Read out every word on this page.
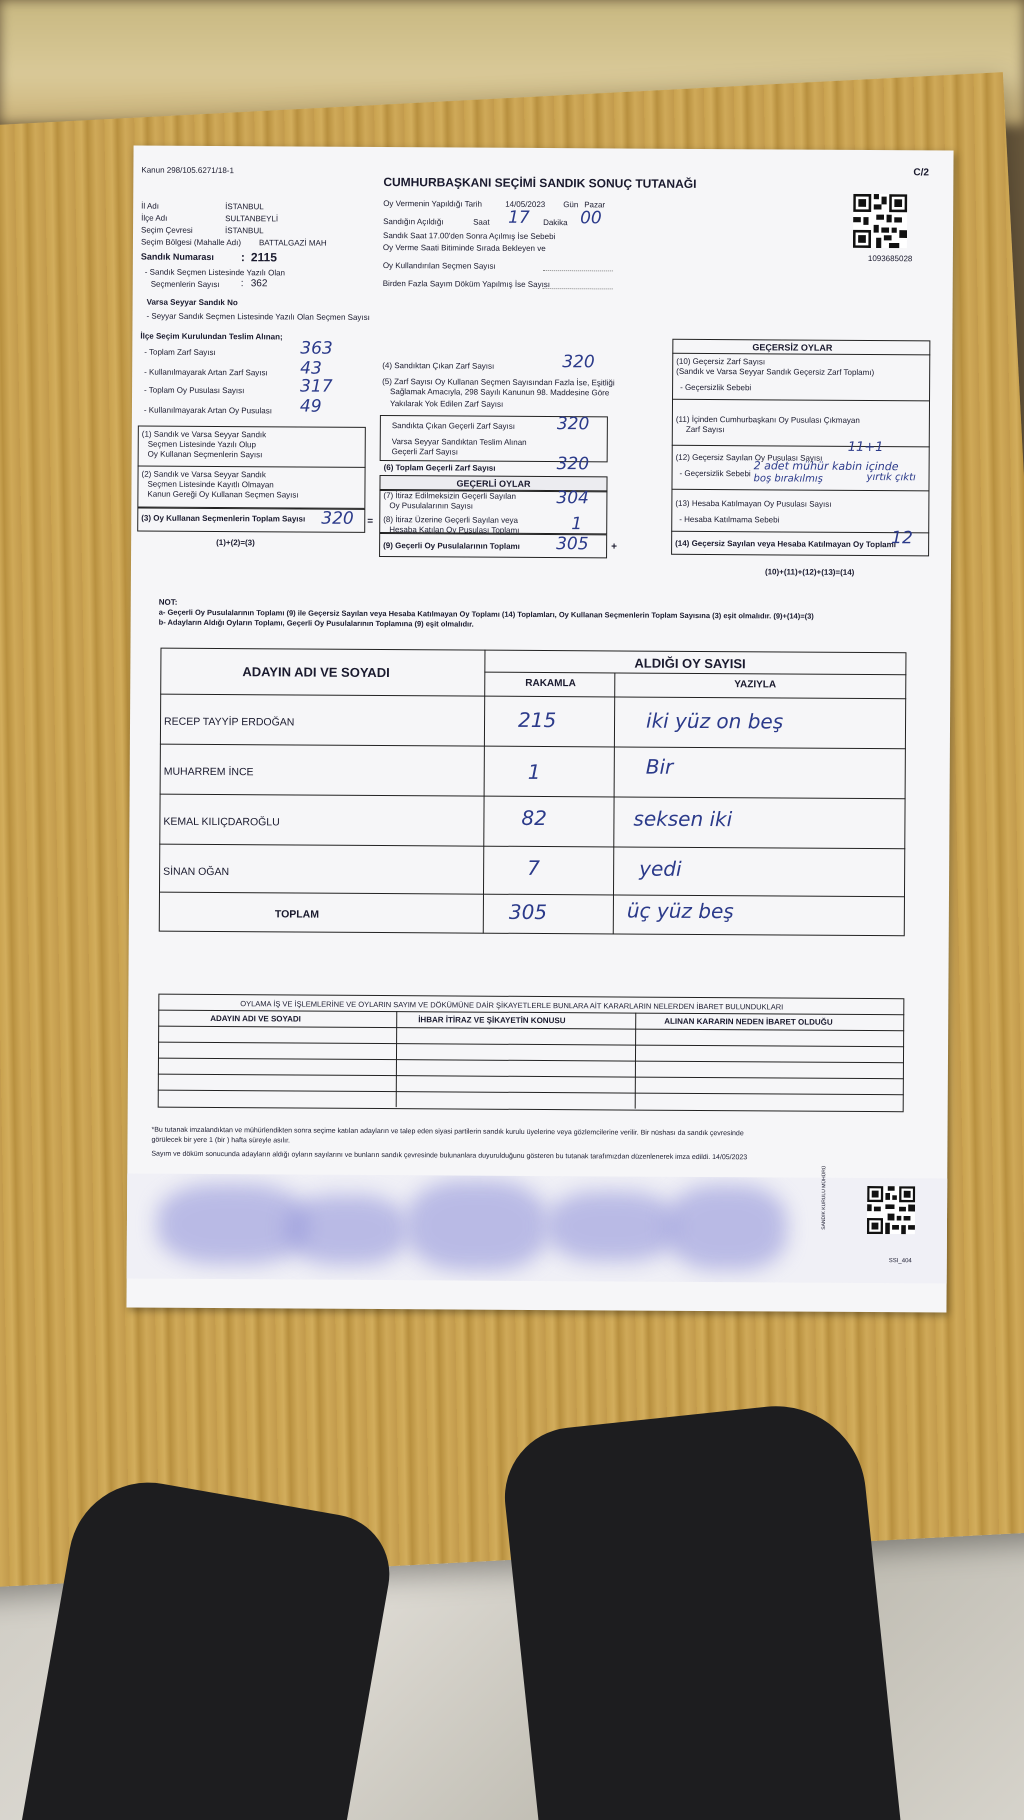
Kanun 298/105.6271/18-1	C/2
CUMHURBAŞKANI SEÇİMİ SANDIK SONUÇ TUTANAĞI
İl Adı	İSTANBUL
İlçe Adı	SULTANBEYLİ
Seçim Çevresi	İSTANBUL
Seçim Bölgesi (Mahalle Adı) BATTALGAZİ MAH
Oy Vermenin Yapıldığı Tarih	14/05/2023 Gün Pazar
Sandığın Açıldığı	Saat 17 Dakika 00
Sandık Saat 17.00'den Sonra Açılmış İse Sebebi
Oy Verme Saati Bitiminde Sırada Bekleyen ve
Oy Kullandırılan Seçmen Sayısı
Birden Fazla Sayım Döküm Yapılmış İse Sayısı
1093685028
Sandık Numarası : 2115
- Sandık Seçmen Listesinde Yazılı Olan
Seçmenlerin Sayısı : 362
Varsa Seyyar Sandık No
- Seyyar Sandık Seçmen Listesinde Yazılı Olan Seçmen Sayısı
İlçe Seçim Kurulundan Teslim Alınan;
- Toplam Zarf Sayısı	363
- Kullanılmayarak Artan Zarf Sayısı 43
- Toplam Oy Pusulası Sayısı	317
- Kullanılmayarak Artan Oy Pusulası 49
(1) Sandık ve Varsa Seyyar Sandık
Seçmen Listesinde Yazılı Olup
Oy Kullanan Seçmenlerin Sayısı
(2) Sandık ve Varsa Seyyar Sandık
Seçmen Listesinde Kayıtlı Olmayan
Kanun Gereği Oy Kullanan Seçmen Sayısı
(3) Oy Kullanan Seçmenlerin Toplam Sayısı 320
(1)+(2)=(3)
=
(4) Sandıktan Çıkan Zarf Sayısı	320
(5) Zarf Sayısı Oy Kullanan Seçmen Sayısından Fazla İse, Eşitliği
Sağlamak Amacıyla, 298 Sayılı Kanunun 98. Maddesine Göre
Yakılarak Yok Edilen Zarf Sayısı
Sandıkta Çıkan Geçerli Zarf Sayısı 320
Varsa Seyyar Sandıktan Teslim Alınan
Geçerli Zarf Sayısı
(6) Toplam Geçerli Zarf Sayısı	320
GEÇERLİ OYLAR
(7) İtiraz Edilmeksizin Geçerli Sayılan
Oy Pusulalarının Sayısı	304
(8) İtiraz Üzerine Geçerli Sayılan veya
Hesaba Katılan Oy Pusulası Toplamı	1
(9) Geçerli Oy Pusulalarının Toplamı 305 +
GEÇERSİZ OYLAR
(10) Geçersiz Zarf Sayısı
(Sandık ve Varsa Seyyar Sandık Geçersiz Zarf Toplamı)
- Geçersizlik Sebebi
(11) İçinden Cumhurbaşkanı Oy Pusulası Çıkmayan
Zarf Sayısı
(12) Geçersiz Sayılan Oy Pusulası Sayısı
11+1
- Geçersizlik Sebebi
2 adet mühür kabin içinde
boş bırakılmış	yırtık çıktı
(13) Hesaba Katılmayan Oy Pusulası Sayısı
- Hesaba Katılmama Sebebi
(14) Geçersiz Sayılan veya Hesaba Katılmayan Oy Toplamı
12
(10)+(11)+(12)+(13)=(14)
NOT:
a- Geçerli Oy Pusulalarının Toplamı (9) ile Geçersiz Sayılan veya Hesaba Katılmayan Oy Toplamı (14) Toplamları, Oy Kullanan Seçmenlerin Toplam Sayısına (3) eşit olmalıdır. (9)+(14)=(3)
b- Adayların Aldığı Oyların Toplamı, Geçerli Oy Pusulalarının Toplamına (9) eşit olmalıdır.
ADAYIN ADI VE SOYADI
ALDIĞI OY SAYISI
RAKAMLA	YAZIYLA
RECEP TAYYİP ERDOĞAN	215	iki yüz on beş
MUHARREM İNCE	1	Bir
KEMAL KILIÇDAROĞLU	82	seksen iki
SİNAN OĞAN	7	yedi
TOPLAM	305	üç yüz beş
OYLAMA İŞ VE İŞLEMLERİNE VE OYLARIN SAYIM VE DÖKÜMÜNE DAİR ŞİKAYETLERLE BUNLARA AİT KARARLARIN NELERDEN İBARET BULUNDUKLARI
ADAYIN ADI VE SOYADI	İHBAR İTİRAZ VE ŞİKAYETİN KONUSU	ALINAN KARARIN NEDEN İBARET OLDUĞU
*Bu tutanak imzalandıktan ve mühürlendikten sonra seçime katılan adayların ve talep eden siyasi partilerin sandık kurulu üyelerine veya gözlemcilerine verilir. Bir nüshası da sandık çevresinde
görülecek bir yere 1 (bir ) hafta süreyle asılır.
Sayım ve döküm sonucunda adayların aldığı oyların sayılarını ve bunların sandık çevresinde bulunanlara duyurulduğunu gösteren bu tutanak tarafımızdan düzenlenerek imza edildi. 14/05/2023
SANDIK KURULU MÜHÜRÜ
SSI_404
